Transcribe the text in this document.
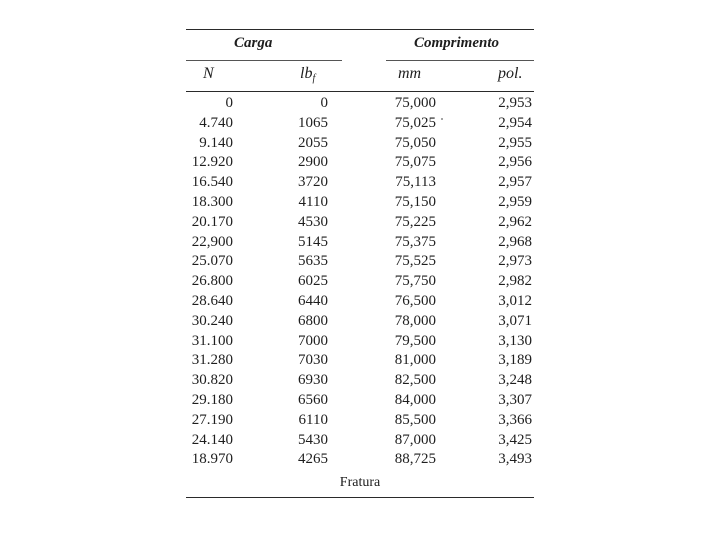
Carga	Comprimento
N	$lb_f$	mm	pol.
0	0	75,000	2,953
4.740	1065	75,025	2,954
9.140	2055	75,050	2,955
12.920	2900	75,075	2,956
16.540	3720	75,113	2,957
18.300	4110	75,150	2,959
20.170	4530	75,225	2,962
22,900	5145	75,375	2,968
25.070	5635	75,525	2,973
26.800	6025	75,750	2,982
28.640	6440	76,500	3,012
30.240	6800	78,000	3,071
31.100	7000	79,500	3,130
31.280	7030	81,000	3,189
30.820	6930	82,500	3,248
29.180	6560	84,000	3,307
27.190	6110	85,500	3,366
24.140	5430	87,000	3,425
18.970	4265	88,725	3,493
Fratura
